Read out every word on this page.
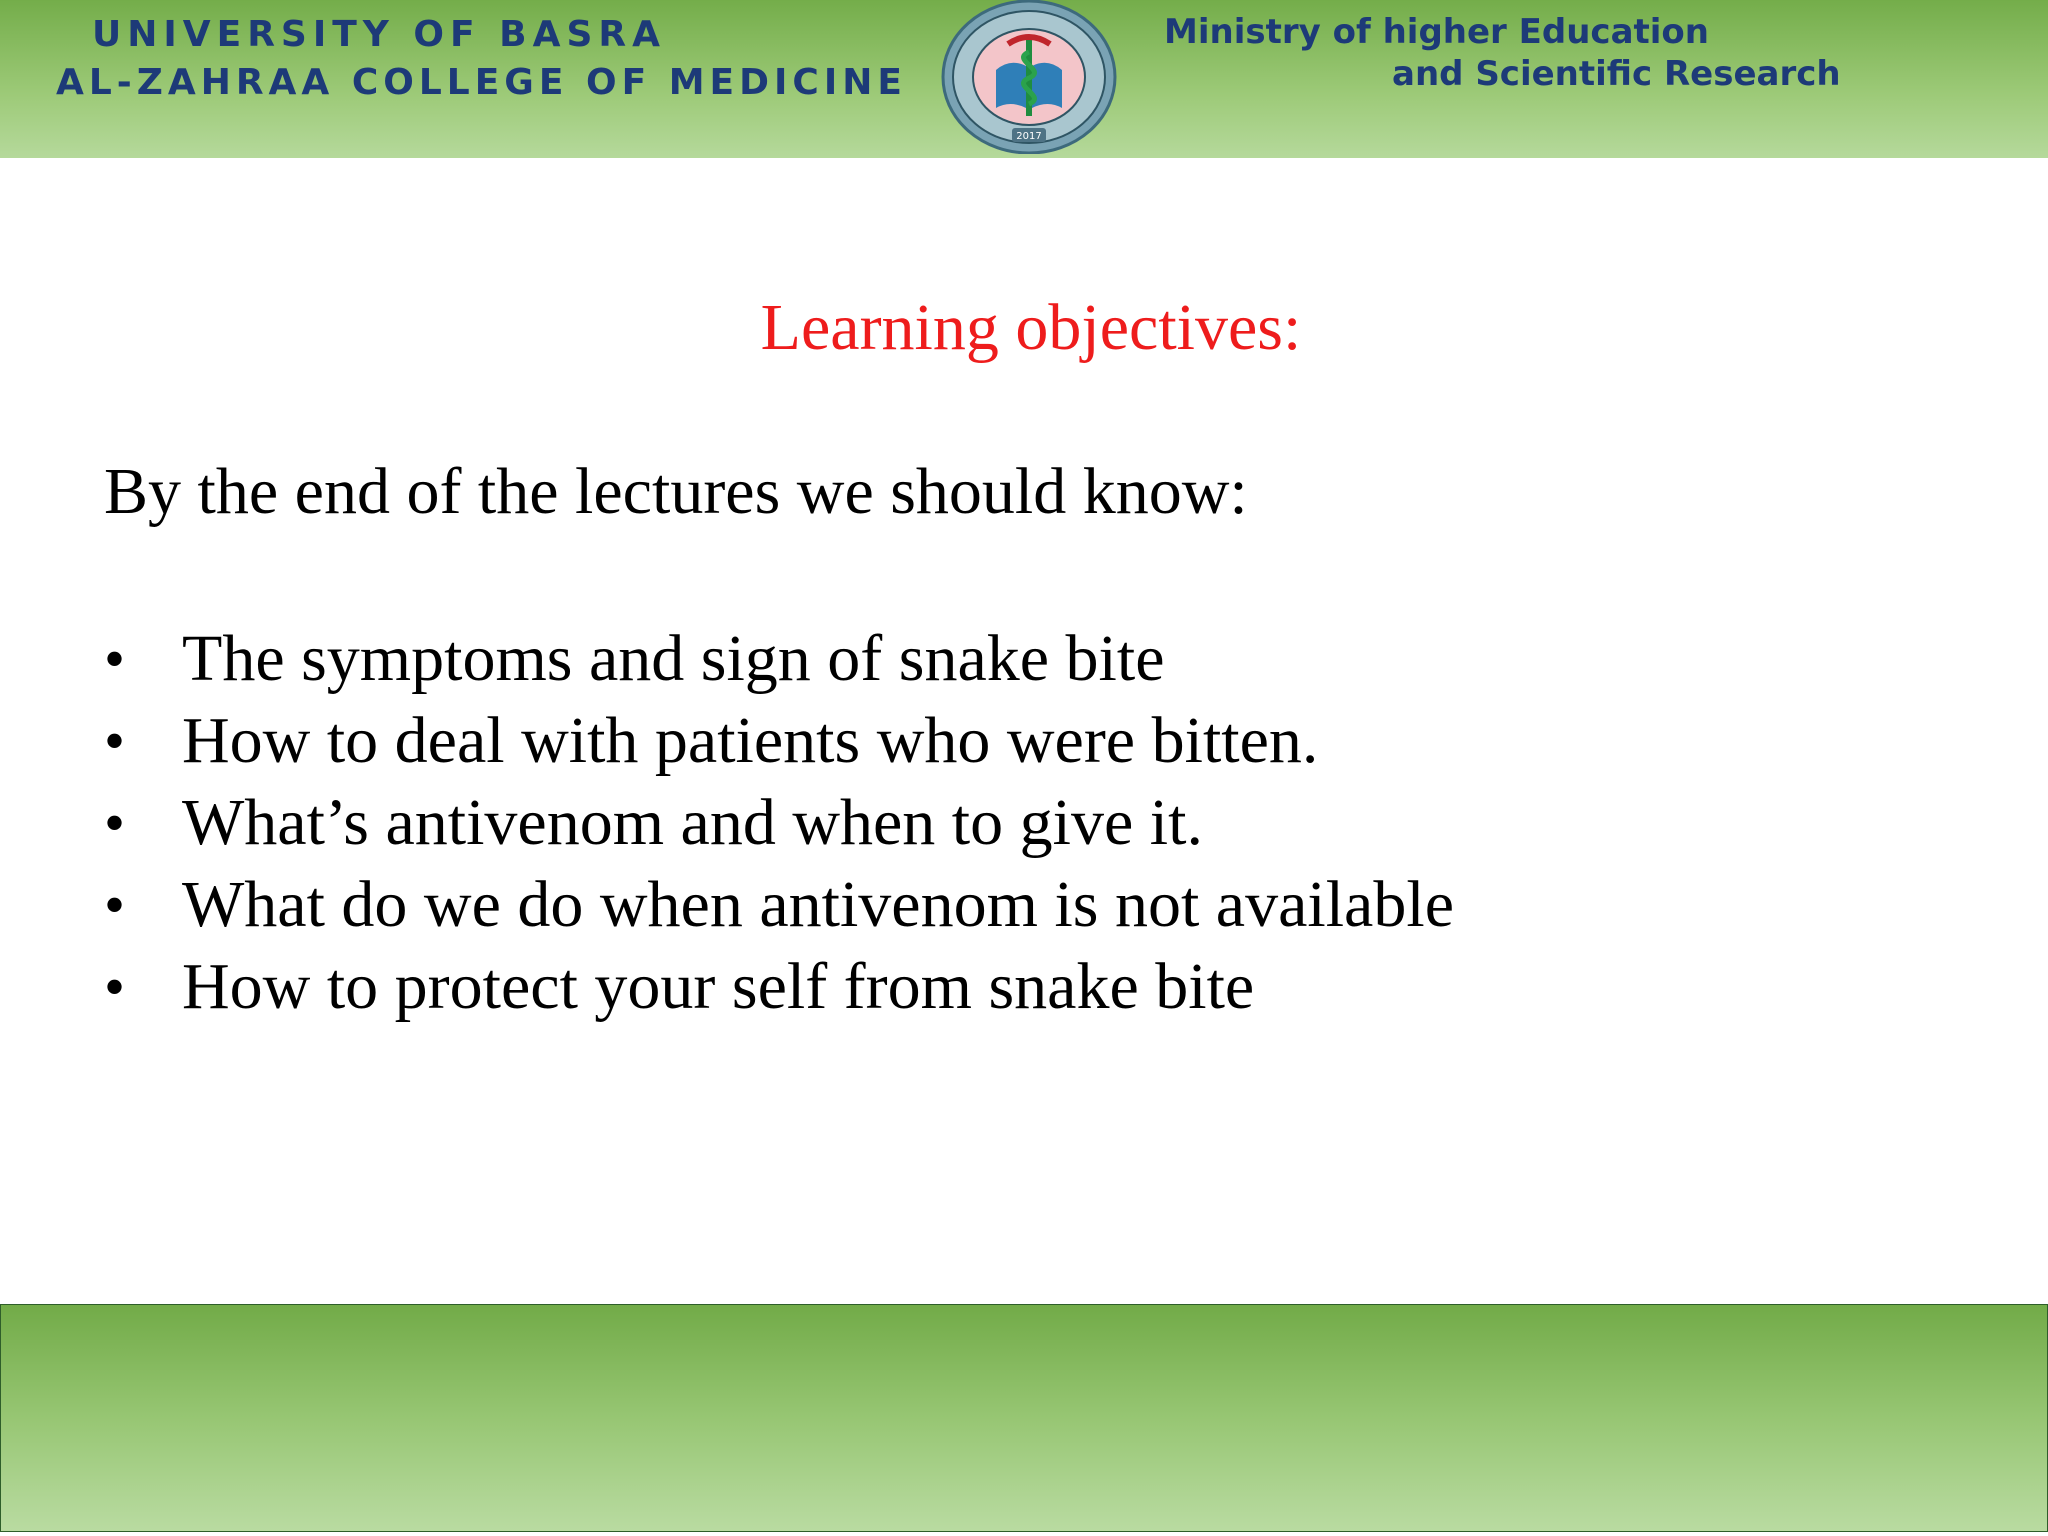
UNIVERSITY OF BASRA
AL-ZAHRAA COLLEGE OF MEDICINE
2017
Ministry of higher Education
and Scientific Research
Learning objectives:
By the end of the lectures we should know:
• The symptoms and sign of snake bite
• How to deal with patients who were bitten.
• What’s antivenom and when to give it.
• What do we do when antivenom is not available
• How to protect your self from snake bite
